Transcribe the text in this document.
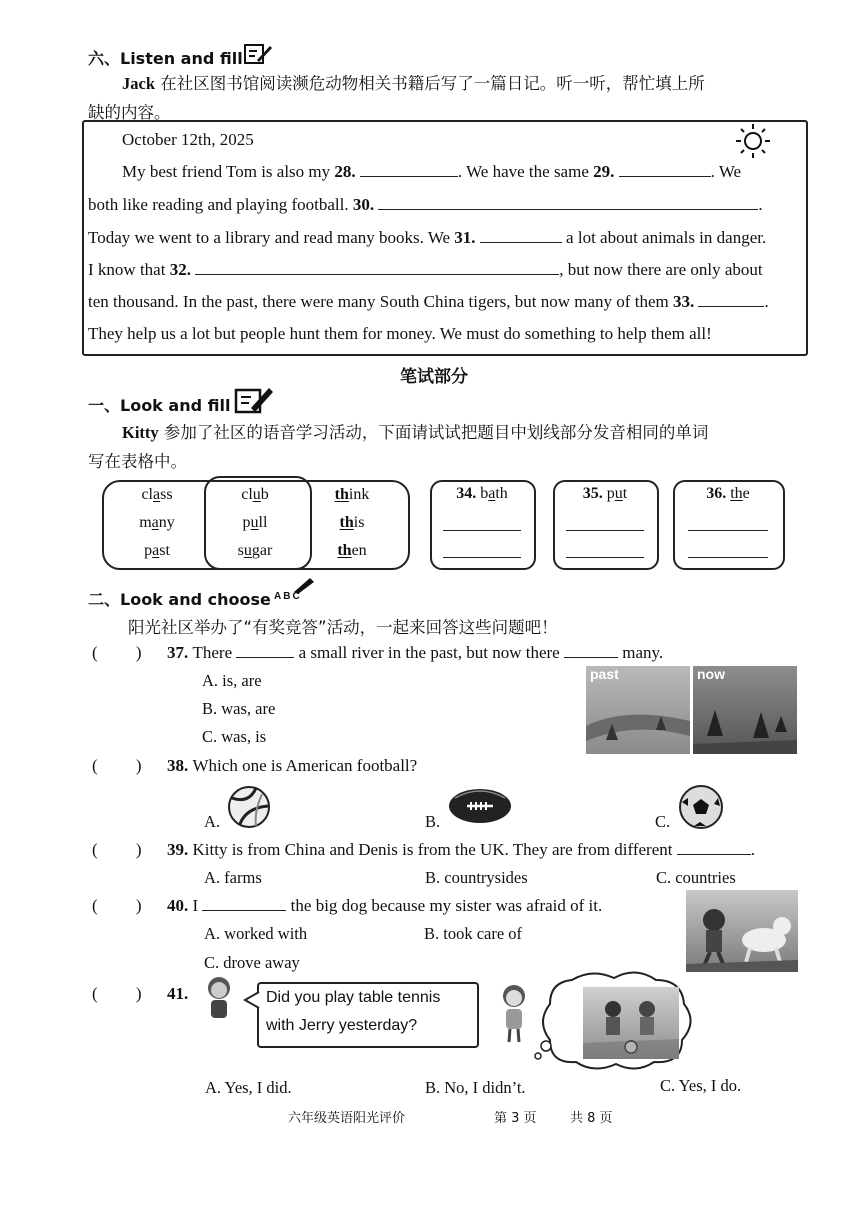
六、Listen and fill
Jack 在社区图书馆阅读濒危动物相关书籍后写了一篇日记。听一听，帮忙填上所
缺的内容。
October 12th, 2025
My best friend Tom is also my 28.	. We have the same 29.	. We
both like reading and playing football. 30.	.
Today we went to a library and read many books. We 31.	a lot about animals in danger.
I know that 32.	, but now there are only about
ten thousand. In the past, there were many South China tigers, but now many of them 33.	.
They help us a lot but people hunt them for money. We must do something to help them all!
笔试部分
一、Look and fill
Kitty 参加了社区的语音学习活动，下面请试试把题目中划线部分发音相同的单词
写在表格中。
class
many
past
club
pull
sugar
think
this
then
34. bath	35. put	36. the
二、Look and choose ABC
阳光社区举办了“有奖竞答”活动，一起来回答这些问题吧！
(         ) 37. There	a small river in the past, but now there	many.
A. is, are
B. was, are
C. was, is
past	now
(         ) 38. Which one is American football?
A.	B.	C.
(         ) 39. Kitty is from China and Denis is from the UK. They are from different	.
A. farms	B. countrysides	C. countries
(         ) 40. I	the big dog because my sister was afraid of it.
A. worked with	B. took care of
C. drove away
(         ) 41.	Did you play table tennis
with Jerry yesterday?
A. Yes, I did.	B. No, I didn’t.	C. Yes, I do.
六年级英语阳光评价	第 3 页	共 8 页
